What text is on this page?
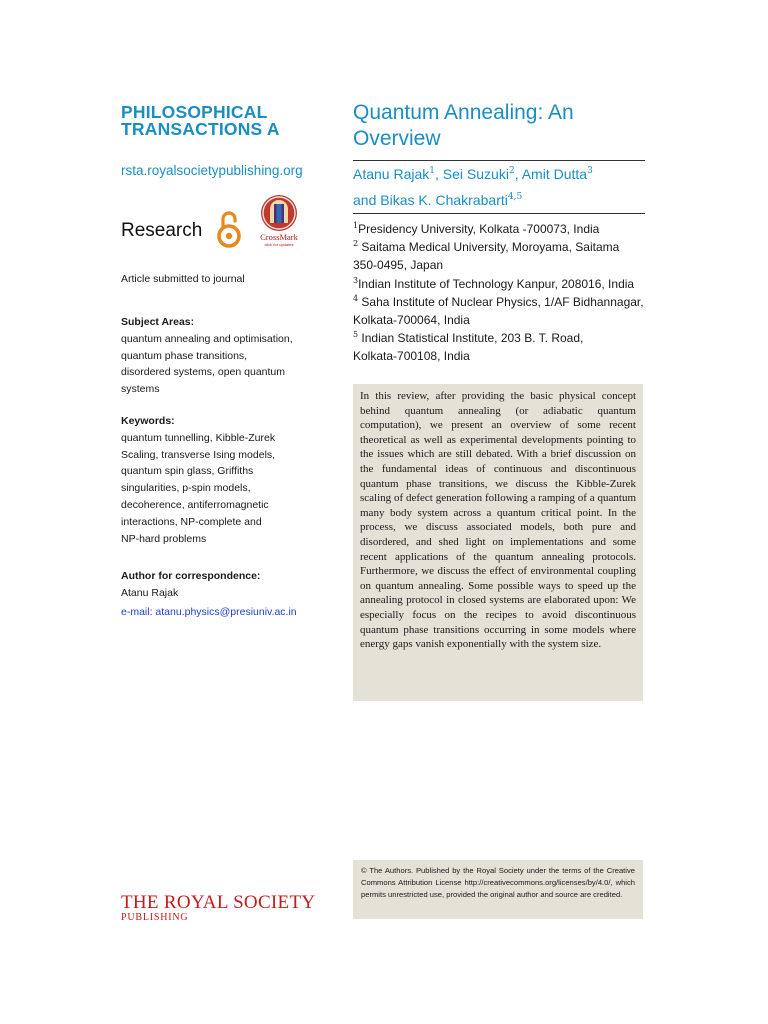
PHILOSOPHICAL
TRANSACTIONS A
rsta.royalsocietypublishing.org
Research	CrossMark
click for updates
Article submitted to journal
Subject Areas:
quantum annealing and optimisation,
quantum phase transitions,
disordered systems, open quantum
systems
Keywords:
quantum tunnelling, Kibble-Zurek
Scaling, transverse Ising models,
quantum spin glass, Griffiths
singularities, p-spin models,
decoherence, antiferromagnetic
interactions, NP-complete and
NP-hard problems
Author for correspondence:
Atanu Rajak
e-mail: atanu.physics@presiuniv.ac.in
THE ROYAL SOCIETY
PUBLISHING
Quantum Annealing: An
Overview
Atanu Rajak$^1$, Sei Suzuki$^2$, Amit Dutta$^3$
and Bikas K. Chakrabarti$^{4,5}$
$^1$Presidency University, Kolkata -700073, India
$^2$ Saitama Medical University, Moroyama, Saitama
350-0495, Japan
$^3$Indian Institute of Technology Kanpur, 208016, India
$^4$ Saha Institute of Nuclear Physics, 1/AF Bidhannagar,
Kolkata-700064, India
$^5$ Indian Statistical Institute, 203 B. T. Road,
Kolkata-700108, India

In this review, after providing the basic physical concept behind quantum annealing (or adiabatic quantum computation), we present an overview of some recent theoretical as well as experimental developments pointing to the issues which are still debated. With a brief discussion on the fundamental ideas of continuous and discontinuous quantum phase transitions, we discuss the Kibble-Zurek scaling of defect generation following a ramping of a quantum many body system across a quantum critical point. In the process, we discuss associated models, both pure and disordered, and shed light on implementations and some recent applications of the quantum annealing protocols. Furthermore, we discuss the effect of environmental coupling on quantum annealing. Some possible ways to speed up the annealing protocol in closed systems are elaborated upon: We especially focus on the recipes to avoid discontinuous quantum phase transitions occurring in some models where energy gaps vanish exponentially with the system size.

© The Authors. Published by the Royal Society under the terms of the Creative Commons Attribution License http://creativecommons.org/licenses/by/4.0/, which permits unrestricted use, provided the original author and source are credited.
